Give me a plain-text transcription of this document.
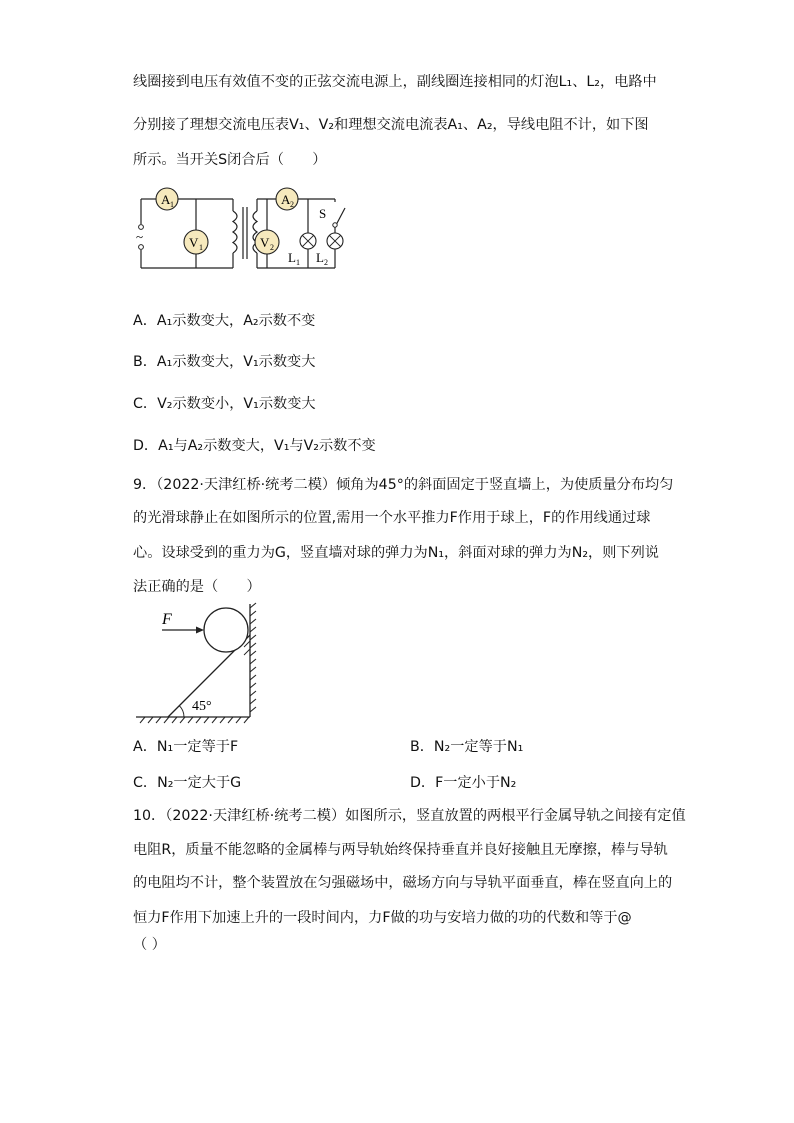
线圈接到电压有效值不变的正弦交流电源上，副线圈连接相同的灯泡L₁、L₂，电路中
分别接了理想交流电压表V₁、V₂和理想交流电流表A₁、A₂，导线电阻不计，如下图
所示。当开关S闭合后（　　）
~
S
A 1
V 1
A 2
V 2
L 1 L 2
A．A₁示数变大，A₂示数不变
B．A₁示数变大，V₁示数变大
C．V₂示数变小，V₁示数变大
D．A₁与A₂示数变大，V₁与V₂示数不变
9．（2022·天津红桥·统考二模）倾角为45°的斜面固定于竖直墙上，为使质量分布均匀
的光滑球静止在如图所示的位置,需用一个水平推力F作用于球上，F的作用线通过球
心。设球受到的重力为G，竖直墙对球的弹力为N₁，斜面对球的弹力为N₂，则下列说
法正确的是（　　）
F
45°
A．N₁一定等于F	B．N₂一定等于N₁
C．N₂一定大于G	D．F一定小于N₂
10．（2022·天津红桥·统考二模）如图所示，竖直放置的两根平行金属导轨之间接有定值
电阻R，质量不能忽略的金属棒与两导轨始终保持垂直并良好接触且无摩擦，棒与导轨
的电阻均不计，整个装置放在匀强磁场中，磁场方向与导轨平面垂直，棒在竖直向上的
恒力F作用下加速上升的一段时间内，力F做的功与安培力做的功的代数和等于@
（ ）
